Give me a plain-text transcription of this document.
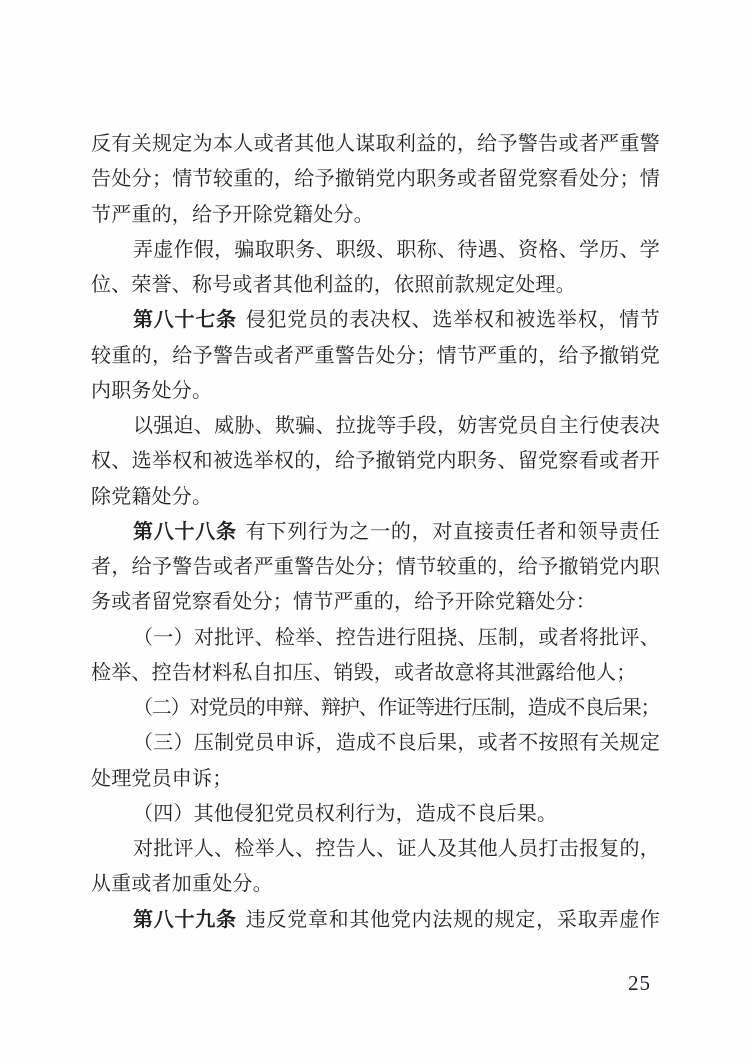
反有关规定为本人或者其他人谋取利益的，给予警告或者严重警
告处分；情节较重的，给予撤销党内职务或者留党察看处分；情
节严重的，给予开除党籍处分。
弄虚作假，骗取职务、职级、职称、待遇、资格、学历、学
位、荣誉、称号或者其他利益的，依照前款规定处理。
第八十七条 侵犯党员的表决权、选举权和被选举权，情节
较重的，给予警告或者严重警告处分；情节严重的，给予撤销党
内职务处分。
以强迫、威胁、欺骗、拉拢等手段，妨害党员自主行使表决
权、选举权和被选举权的，给予撤销党内职务、留党察看或者开
除党籍处分。
第八十八条 有下列行为之一的，对直接责任者和领导责任
者，给予警告或者严重警告处分；情节较重的，给予撤销党内职
务或者留党察看处分；情节严重的，给予开除党籍处分：
（一）对批评、检举、控告进行阻挠、压制，或者将批评、
检举、控告材料私自扣压、销毁，或者故意将其泄露给他人；
（二）对党员的申辩、辩护、作证等进行压制，造成不良后果；
（三）压制党员申诉，造成不良后果，或者不按照有关规定
处理党员申诉；
（四）其他侵犯党员权利行为，造成不良后果。
对批评人、检举人、控告人、证人及其他人员打击报复的，
从重或者加重处分。
第八十九条 违反党章和其他党内法规的规定，采取弄虚作
25
